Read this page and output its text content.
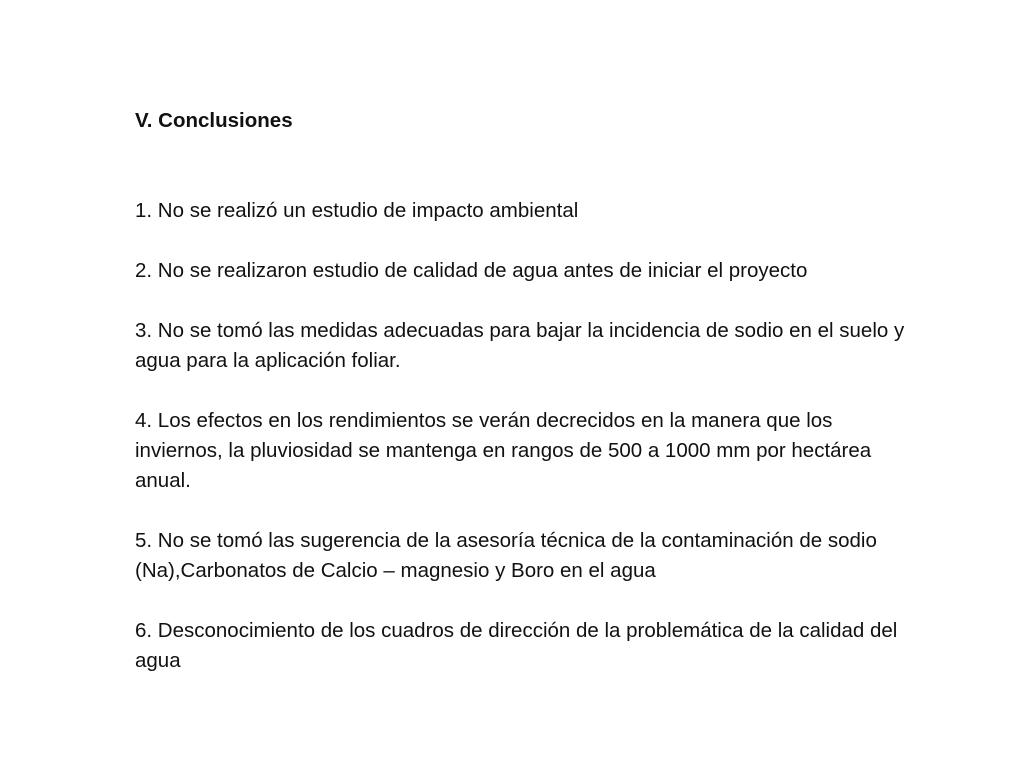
V. Conclusiones
1. No se realizó un estudio de impacto ambiental
2. No se realizaron estudio de calidad de agua antes de iniciar el proyecto
3. No se tomó las medidas adecuadas para bajar la incidencia de sodio en el suelo y agua para la aplicación foliar.
4. Los efectos en los rendimientos se verán decrecidos en la manera que los inviernos, la pluviosidad se mantenga en rangos de 500 a 1000 mm por hectárea anual.
5. No se tomó las sugerencia de la asesoría técnica de la contaminación de sodio (Na),Carbonatos de Calcio – magnesio y Boro en el agua
6. Desconocimiento de los cuadros de dirección de la problemática de la calidad del agua
